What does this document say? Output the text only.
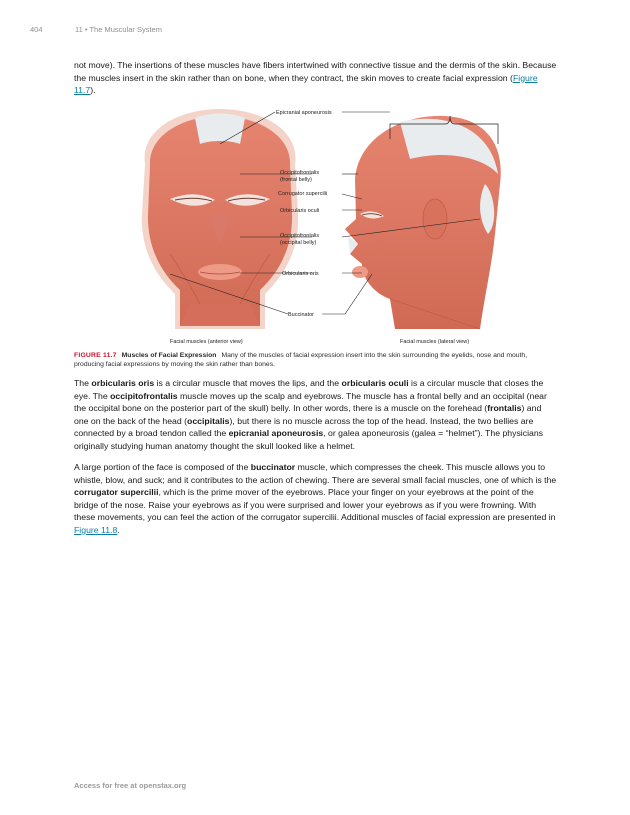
404	11 • The Muscular System

not move). The insertions of these muscles have fibers intertwined with connective tissue and the dermis of the skin. Because the muscles insert in the skin rather than on bone, when they contract, the skin moves to create facial expression (Figure 11.7).

Epicranial aponeurosis
Occipitofrontalis
(frontal belly)
Corrugator supercilii
Orbicularis oculi
Occipitofrontalis
(occipital belly)
Orbicularis oris
Buccinator
Facial muscles (anterior view)	Facial muscles (lateral view)
FIGURE 11.7 Muscles of Facial Expression Many of the muscles of facial expression insert into the skin surrounding the eyelids, nose and mouth, producing facial expressions by moving the skin rather than bones.

The orbicularis oris is a circular muscle that moves the lips, and the orbicularis oculi is a circular muscle that closes the eye. The occipitofrontalis muscle moves up the scalp and eyebrows. The muscle has a frontal belly and an occipital (near the occipital bone on the posterior part of the skull) belly. In other words, there is a muscle on the forehead (frontalis) and one on the back of the head (occipitalis), but there is no muscle across the top of the head. Instead, the two bellies are connected by a broad tendon called the epicranial aponeurosis, or galea aponeurosis (galea = “helmet”). The physicians originally studying human anatomy thought the skull looked like a helmet.

A large portion of the face is composed of the buccinator muscle, which compresses the cheek. This muscle allows you to whistle, blow, and suck; and it contributes to the action of chewing. There are several small facial muscles, one of which is the corrugator supercilii, which is the prime mover of the eyebrows. Place your finger on your eyebrows at the point of the bridge of the nose. Raise your eyebrows as if you were surprised and lower your eyebrows as if you were frowning. With these movements, you can feel the action of the corrugator supercilii. Additional muscles of facial expression are presented in Figure 11.8.

Access for free at openstax.org
